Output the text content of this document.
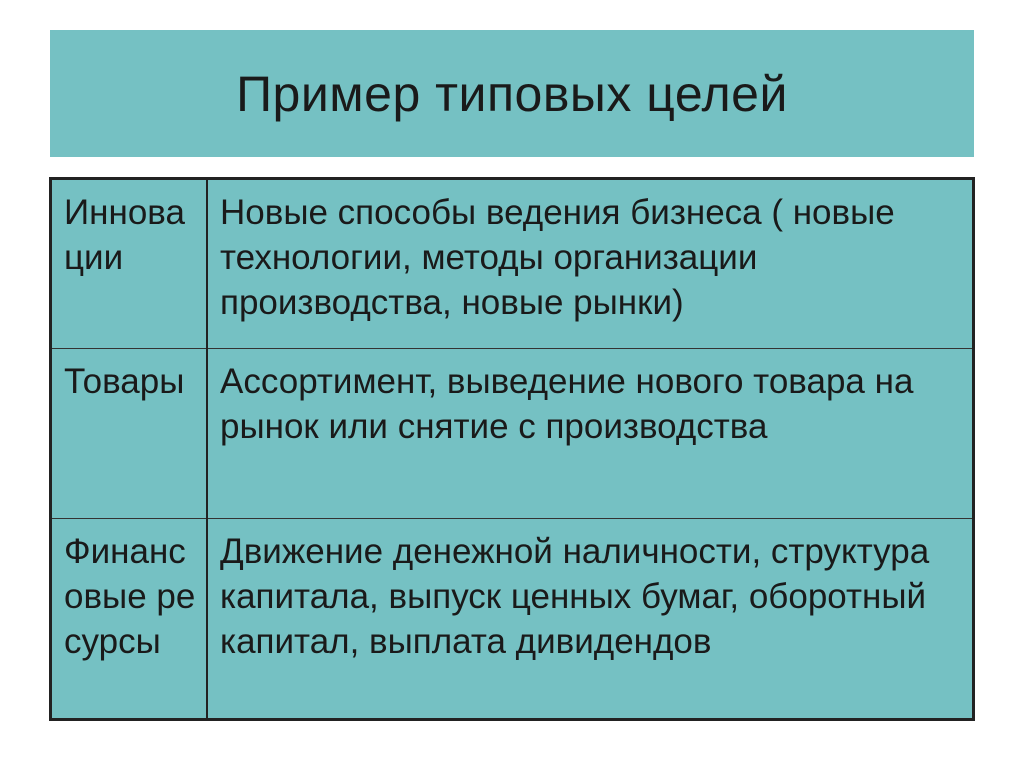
Пример типовых целей
Инновации	Новые способы ведения бизнеса ( новые технологии, методы организации производства, новые рынки)
Товары	Ассортимент, выведение нового товара на рынок или снятие с производства
Финансовые ресурсы	Движение денежной наличности, структура капитала, выпуск ценных бумаг, оборотный капитал, выплата дивидендов
